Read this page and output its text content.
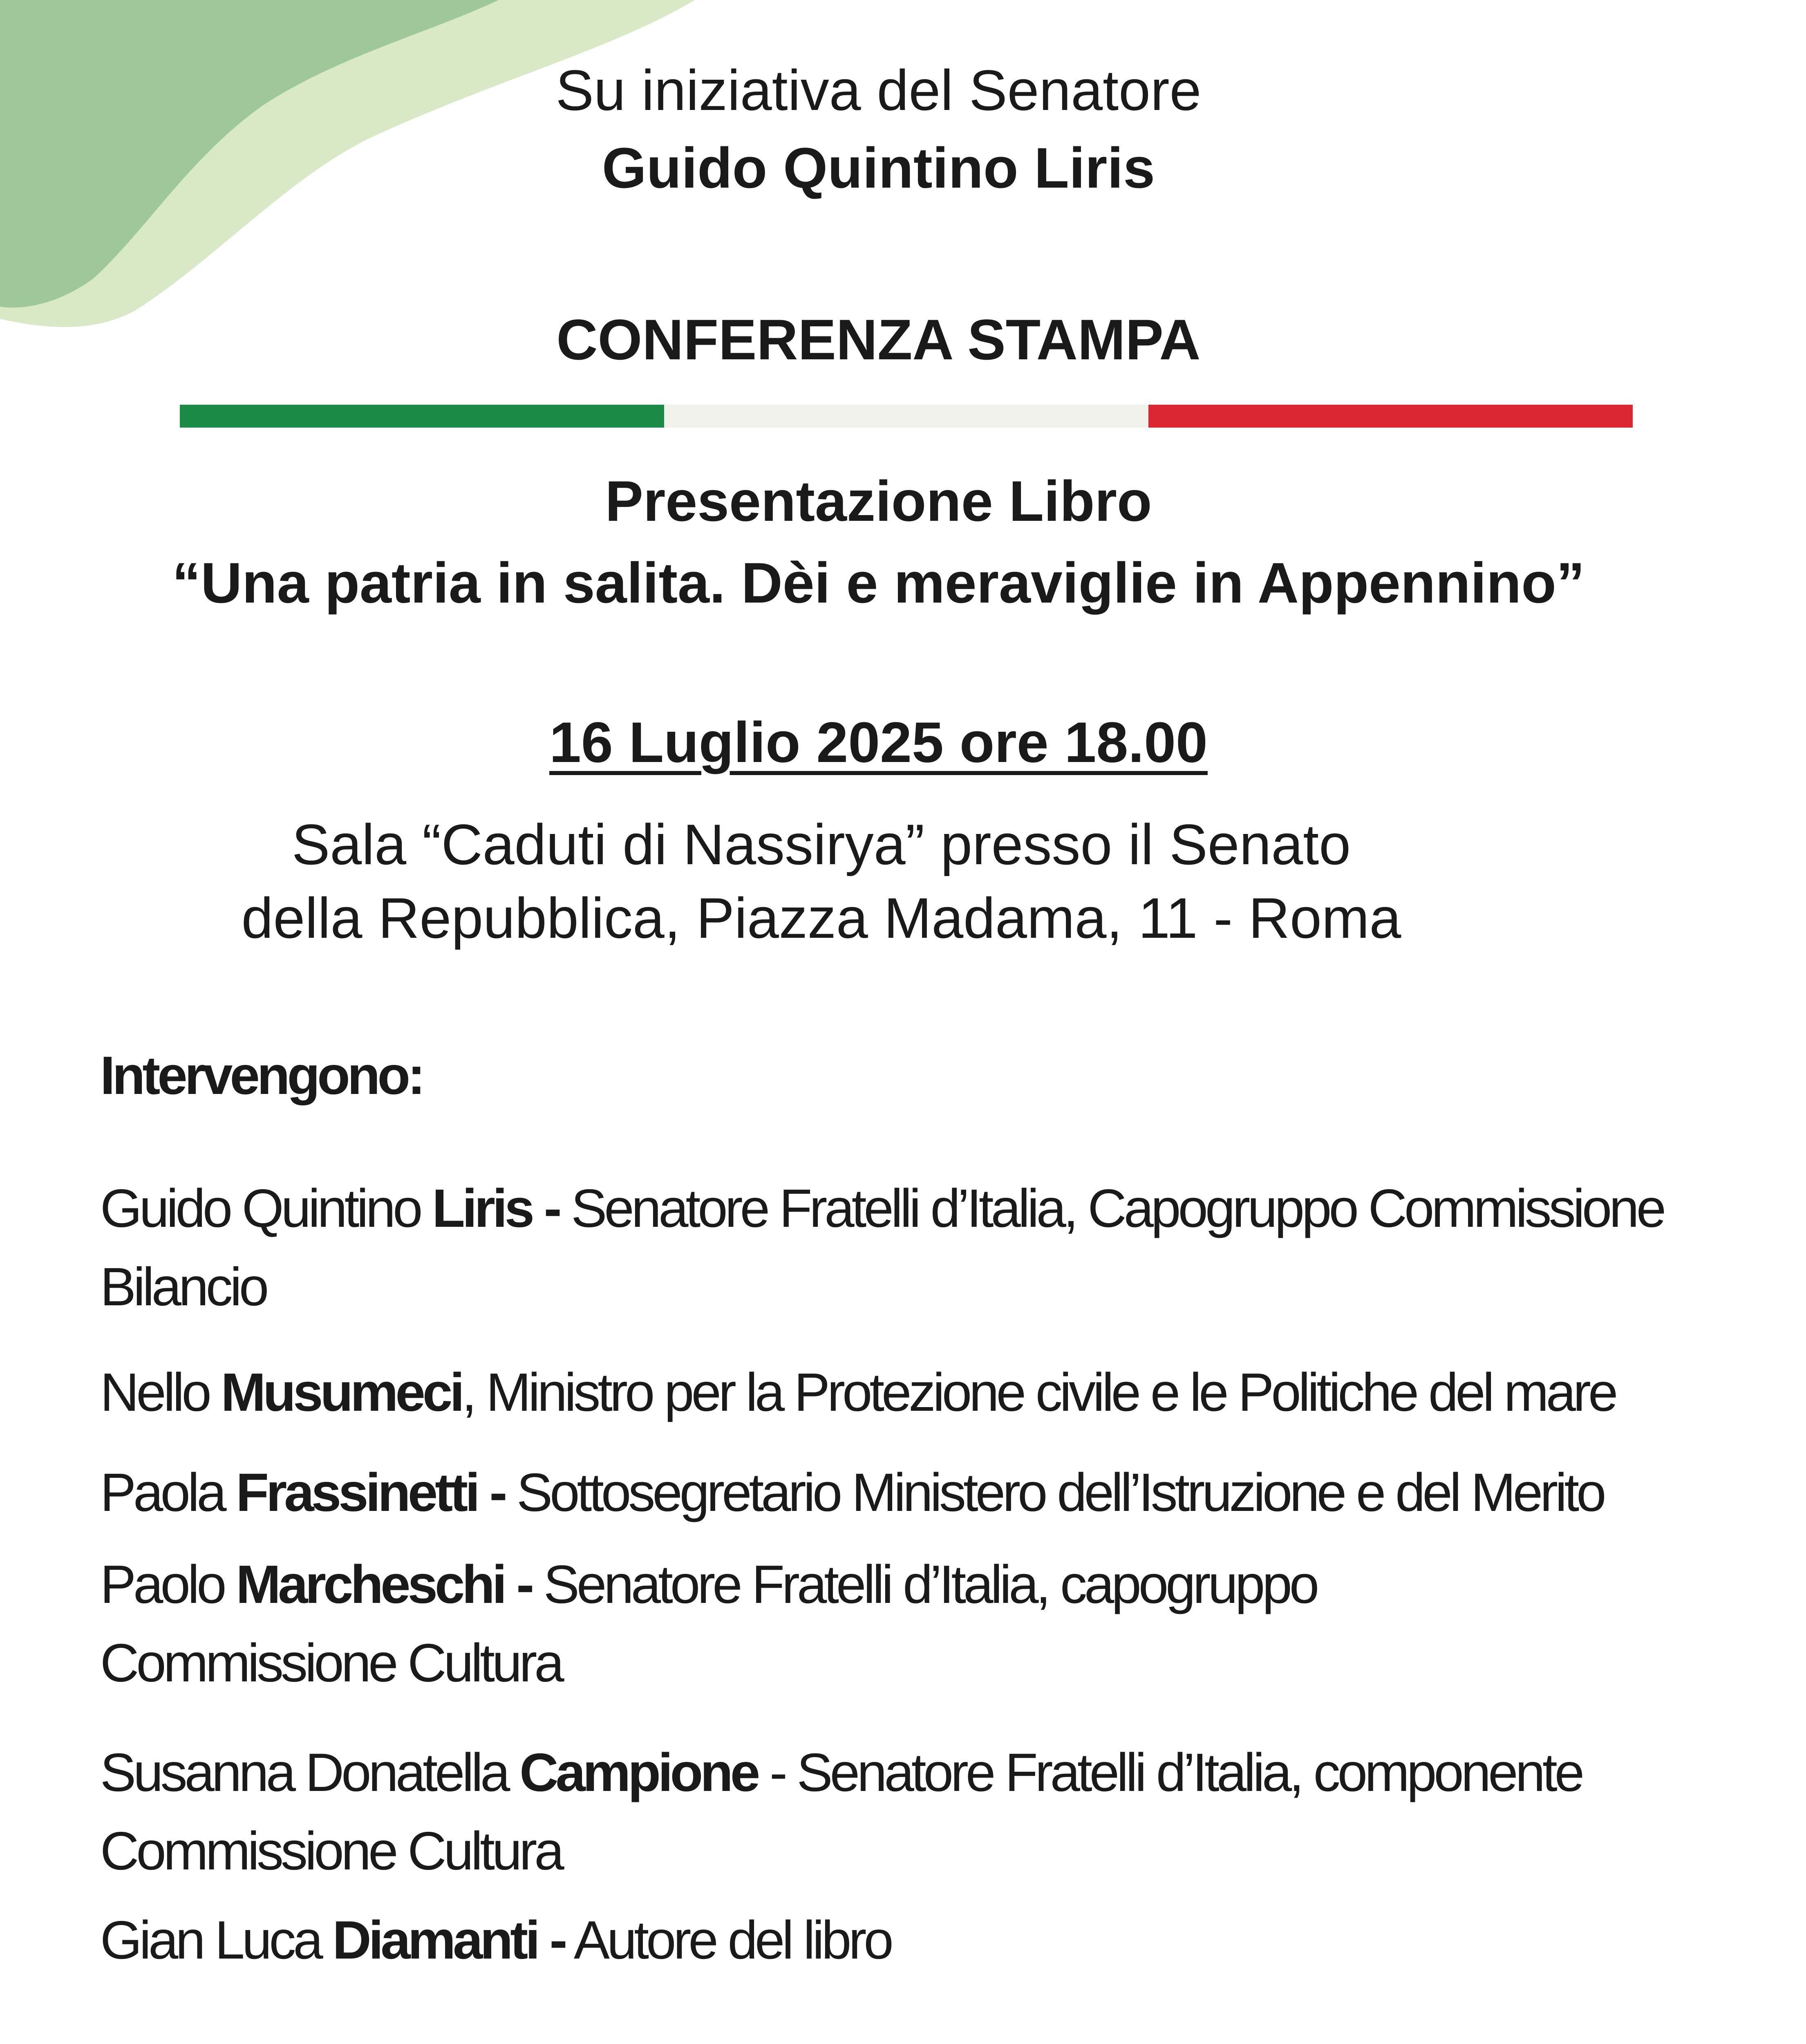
Su iniziativa del Senatore
Guido Quintino Liris
CONFERENZA STAMPA
Presentazione Libro
“Una patria in salita. Dèi e meraviglie in Appennino”
16 Luglio 2025 ore 18.00
Sala “Caduti di Nassirya” presso il Senato
della Repubblica, Piazza Madama, 11 - Roma
Intervengono:
Guido Quintino Liris - Senatore Fratelli d’Italia, Capogruppo Commissione
Bilancio
Nello Musumeci, Ministro per la Protezione civile e le Politiche del mare
Paola Frassinetti - Sottosegretario Ministero dell’Istruzione e del Merito
Paolo Marcheschi - Senatore Fratelli d’Italia, capogruppo
Commissione Cultura
Susanna Donatella Campione - Senatore Fratelli d’Italia, componente
Commissione Cultura
Gian Luca Diamanti - Autore del libro
